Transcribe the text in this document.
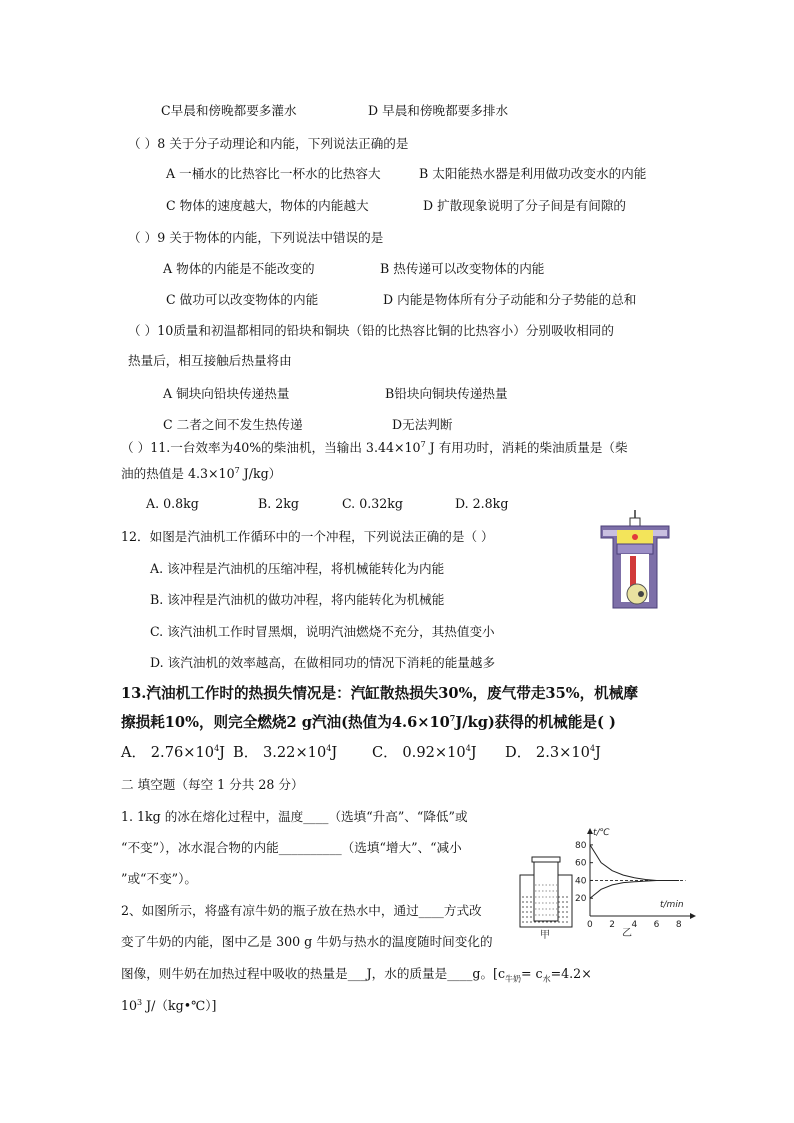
C早晨和傍晚都要多灌水	D 早晨和傍晚都要多排水
（ ）8 关于分子动理论和内能，下列说法正确的是
A 一桶水的比热容比一杯水的比热容大	B 太阳能热水器是利用做功改变水的内能
C 物体的速度越大，物体的内能越大	D 扩散现象说明了分子间是有间隙的
（ ）9 关于物体的内能，下列说法中错误的是
A 物体的内能是不能改变的	B 热传递可以改变物体的内能
C 做功可以改变物体的内能	D 内能是物体所有分子动能和分子势能的总和
（ ）10质量和初温都相同的铅块和铜块（铅的比热容比铜的比热容小）分别吸收相同的
热量后，相互接触后热量将由
A 铜块向铅块传递热量	B铅块向铜块传递热量
C 二者之间不发生热传递	D无法判断
（ ）11.一台效率为40%的柴油机，当输出 $3.44\times 10^7$ J 有用功时，消耗的柴油质量是（柴
油的热值是 $4.3\times 10^7$ J/kg）
A. 0.8kg	B. 2kg	C. 0.32kg	D. 2.8kg
12．如图是汽油机工作循环中的一个冲程，下列说法正确的是（ ）
A. 该冲程是汽油机的压缩冲程，将机械能转化为内能
B. 该冲程是汽油机的做功冲程，将内能转化为机械能
C. 该汽油机工作时冒黑烟，说明汽油燃烧不充分，其热值变小
D. 该汽油机的效率越高，在做相同功的情况下消耗的能量越多
13.汽油机工作时的热损失情况是：汽缸散热损失30%，废气带走35%，机械摩
擦损耗10%，则完全燃烧2 g汽油(热值为$4.6\times 10^7J/kg$)获得的机械能是( )
A． $2.76\times 10^4J$ B． $3.22\times 10^4J$ C． $0.92\times 10^4J$ D． $2.3\times 10^4J$
二 填空题（每空 1 分共 28 分）
1. 1kg 的冰在熔化过程中，温度____（选填“升高”、“降低”或
“不变”），冰水混合物的内能__________（选填“增大”、“减小
”或“不变”）。
2、如图所示，将盛有凉牛奶的瓶子放在热水中，通过____方式改
变了牛奶的内能，图中乙是 300 g 牛奶与热水的温度随时间变化的
图像，则牛奶在加热过程中吸收的热量是___J，水的质量是____g。[$c_{牛奶}= c_水=4.2\times$
$10^3$ J/（kg•℃）]
甲
t/℃
t/min
80
60
40
20
0 2 4 6 8
乙
